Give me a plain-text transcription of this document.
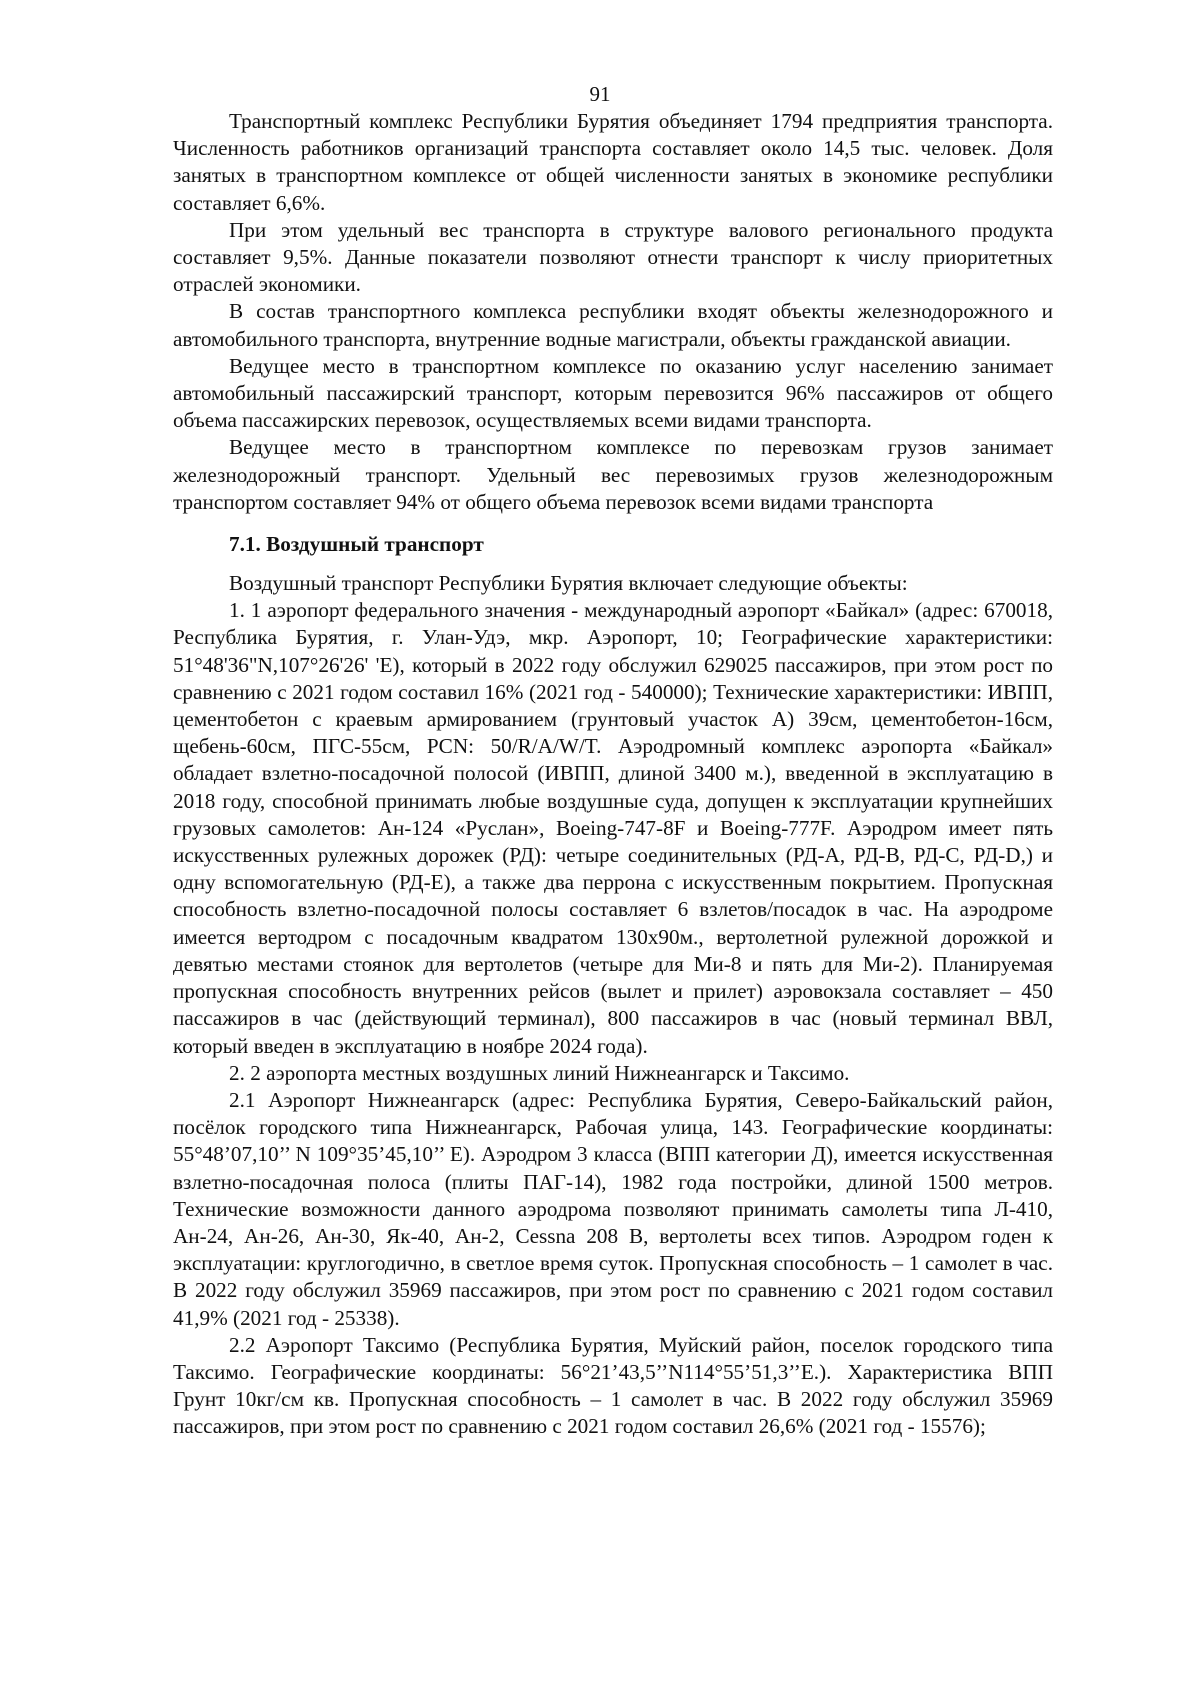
91

Транспортный комплекс Республики Бурятия объединяет 1794 предприятия транспорта. Численность работников организаций транспорта составляет около 14,5 тыс. человек. Доля занятых в транспортном комплексе от общей численности занятых в экономике республики составляет 6,6%.

При этом удельный вес транспорта в структуре валового регионального продукта составляет 9,5%. Данные показатели позволяют отнести транспорт к числу приоритетных отраслей экономики.

В состав транспортного комплекса республики входят объекты железнодорожного и автомобильного транспорта, внутренние водные магистрали, объекты гражданской авиации.

Ведущее место в транспортном комплексе по оказанию услуг населению занимает автомобильный пассажирский транспорт, которым перевозится 96% пассажиров от общего объема пассажирских перевозок, осуществляемых всеми видами транспорта.

Ведущее место в транспортном комплексе по перевозкам грузов занимает железнодорожный транспорт. Удельный вес перевозимых грузов железнодорожным транспортом составляет 94% от общего объема перевозок всеми видами транспорта

7.1. Воздушный транспорт

Воздушный транспорт Республики Бурятия включает следующие объекты:

1. 1 аэропорт федерального значения - международный аэропорт «Байкал» (адрес: 670018, Республика Бурятия, г. Улан-Удэ, мкр. Аэропорт, 10; Географические характеристики: 51°48'36"N,107°26'26' 'E), который в 2022 году обслужил 629025 пассажиров, при этом рост по сравнению с 2021 годом составил 16% (2021 год - 540000); Технические характеристики: ИВПП, цементобетон с краевым армированием (грунтовый участок А) 39см, цементобетон-16см, щебень-60см, ПГС-55см, PCN: 50/R/A/W/T. Аэродромный комплекс аэропорта «Байкал» обладает взлетно-посадочной полосой (ИВПП, длиной 3400 м.), введенной в эксплуатацию в 2018 году, способной принимать любые воздушные суда, допущен к эксплуатации крупнейших грузовых самолетов: Ан-124 «Руслан», Boeing-747-8F и Boeing-777F. Аэродром имеет пять искусственных рулежных дорожек (РД): четыре соединительных (РД-А, РД-В, РД-С, РД-D,) и одну вспомогательную (РД-Е), а также два перрона с искусственным покрытием. Пропускная способность взлетно-посадочной полосы составляет 6 взлетов/посадок в час. На аэродроме имеется вертодром с посадочным квадратом 130х90м., вертолетной рулежной дорожкой и девятью местами стоянок для вертолетов (четыре для Ми-8 и пять для Ми-2). Планируемая пропускная способность внутренних рейсов (вылет и прилет) аэровокзала составляет – 450 пассажиров в час (действующий терминал), 800 пассажиров в час (новый терминал ВВЛ, который введен в эксплуатацию в ноябре 2024 года).

2. 2 аэропорта местных воздушных линий Нижнеангарск и Таксимо.

2.1 Аэропорт Нижнеангарск (адрес: Республика Бурятия, Северо-Байкальский район, посёлок городского типа Нижнеангарск, Рабочая улица, 143. Географические координаты: 55°48’07,10’’ N 109°35’45,10’’ E). Аэродром 3 класса (ВПП категории Д), имеется искусственная взлетно-посадочная полоса (плиты ПАГ-14), 1982 года постройки, длиной 1500 метров. Технические возможности данного аэродрома позволяют принимать самолеты типа Л-410, Ан-24, Ан-26, Ан-30, Як-40, Ан-2, Cessna 208 B, вертолеты всех типов. Аэродром годен к эксплуатации: круглогодично, в светлое время суток. Пропускная способность – 1 самолет в час. В 2022 году обслужил 35969 пассажиров, при этом рост по сравнению с 2021 годом составил 41,9% (2021 год - 25338).

2.2 Аэропорт Таксимо (Республика Бурятия, Муйский район, поселок городского типа Таксимо. Географические координаты: 56°21’43,5’’N114°55’51,3’’E.). Характеристика ВПП Грунт 10кг/см кв. Пропускная способность – 1 самолет в час. В 2022 году обслужил 35969 пассажиров, при этом рост по сравнению с 2021 годом составил 26,6% (2021 год - 15576);
